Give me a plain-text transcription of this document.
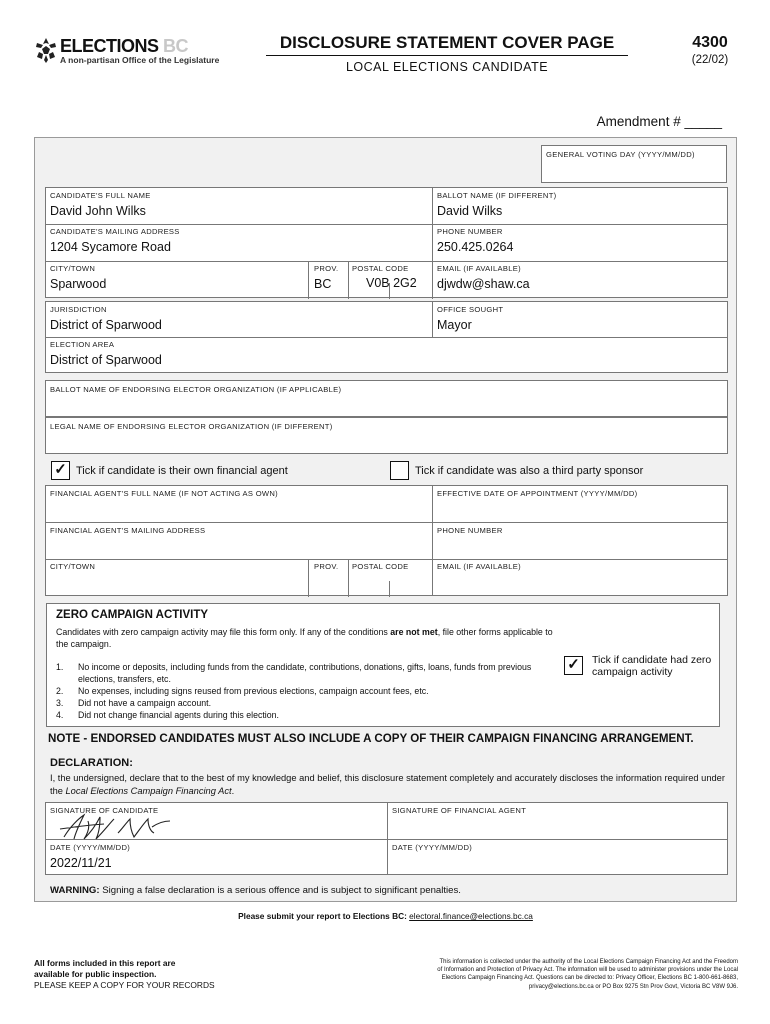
ELECTIONS BC
A non-partisan Office of the Legislature
DISCLOSURE STATEMENT COVER PAGE
LOCAL ELECTIONS CANDIDATE
4300
(22/02)
Amendment # _____
GENERAL VOTING DAY (YYYY/MM/DD)
CANDIDATE'S FULL NAME
David John Wilks
BALLOT NAME (IF DIFFERENT)
David Wilks
CANDIDATE'S MAILING ADDRESS
1204 Sycamore Road
PHONE NUMBER
250.425.0264
CITY/TOWN
Sparwood
PROV.
BC
POSTAL CODE
V0B 2G2
EMAIL (IF AVAILABLE)
djwdw@shaw.ca
JURISDICTION
District of Sparwood
OFFICE SOUGHT
Mayor
ELECTION AREA
District of Sparwood
BALLOT NAME OF ENDORSING ELECTOR ORGANIZATION (IF APPLICABLE)
LEGAL NAME OF ENDORSING ELECTOR ORGANIZATION (IF DIFFERENT)
✓ Tick if candidate is their own financial agent	Tick if candidate was also a third party sponsor
FINANCIAL AGENT'S FULL NAME (IF NOT ACTING AS OWN)	EFFECTIVE DATE OF APPOINTMENT (YYYY/MM/DD)
FINANCIAL AGENT'S MAILING ADDRESS	PHONE NUMBER
CITY/TOWN	PROV. POSTAL CODE	EMAIL (IF AVAILABLE)
ZERO CAMPAIGN ACTIVITY
Candidates with zero campaign activity may file this form only. If any of the conditions are not met, file other forms applicable to the campaign.
1.	No income or deposits, including funds from the candidate, contributions, donations, gifts, loans, funds from previous elections, transfers, etc.
2.	No expenses, including signs reused from previous elections, campaign account fees, etc.
3.	Did not have a campaign account.
4.	Did not change financial agents during this election.
✓	Tick if candidate had zero campaign activity
NOTE - ENDORSED CANDIDATES MUST ALSO INCLUDE A COPY OF THEIR CAMPAIGN FINANCING ARRANGEMENT.
DECLARATION:
I, the undersigned, declare that to the best of my knowledge and belief, this disclosure statement completely and accurately discloses the information required under the Local Elections Campaign Financing Act.
SIGNATURE OF CANDIDATE	SIGNATURE OF FINANCIAL AGENT
DATE (YYYY/MM/DD)
2022/11/21
DATE (YYYY/MM/DD)
WARNING: Signing a false declaration is a serious offence and is subject to significant penalties.
Please submit your report to Elections BC: electoral.finance@elections.bc.ca
All forms included in this report are
available for public inspection.
PLEASE KEEP A COPY FOR YOUR RECORDS
This information is collected under the authority of the Local Elections Campaign Financing Act and the Freedom
of Information and Protection of Privacy Act. The information will be used to administer provisions under the Local
Elections Campaign Financing Act. Questions can be directed to: Privacy Officer, Elections BC 1-800-661-8683,
privacy@elections.bc.ca or PO Box 9275 Stn Prov Govt, Victoria BC V8W 9J6.
